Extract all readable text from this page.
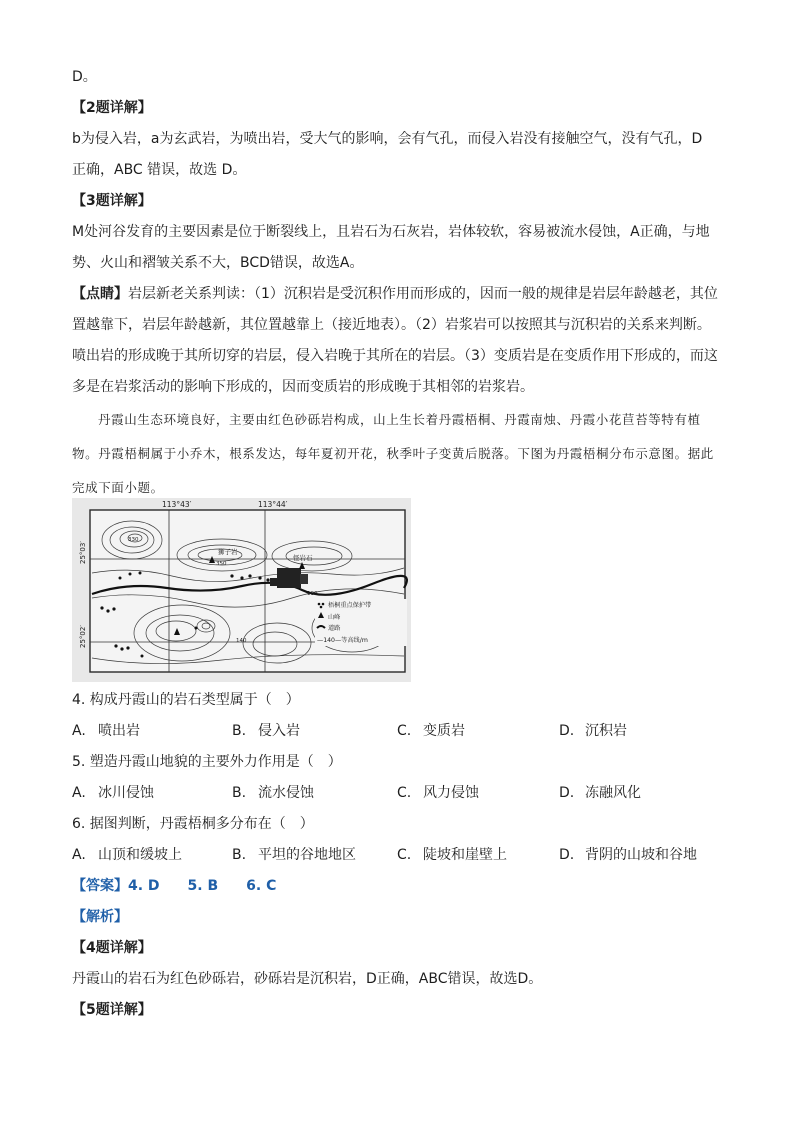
D。
【2题详解】
b为侵入岩，a为玄武岩，为喷出岩，受大气的影响，会有气孔，而侵入岩没有接触空气，没有气孔，D
正确，ABC 错误，故选 D。
【3题详解】
M处河谷发育的主要因素是位于断裂线上，且岩石为石灰岩，岩体较软，容易被流水侵蚀，A正确，与地
势、火山和褶皱关系不大，BCD错误，故选A。
【点睛】岩层新老关系判读：（1）沉积岩是受沉积作用而形成的，因而一般的规律是岩层年龄越老，其位置越靠下，岩层年龄越新，其位置越靠上（接近地表）。（2）岩浆岩可以按照其与沉积岩的关系来判断。喷出岩的形成晚于其所切穿的岩层，侵入岩晚于其所在的岩层。（3）变质岩是在变质作用下形成的，而这多是在岩浆活动的影响下形成的，因而变质岩的形成晚于其相邻的岩浆岩。
丹霞山生态环境良好，主要由红色砂砾岩构成，山上生长着丹霞梧桐、丹霞南烛、丹霞小花苣苔等特有植物。丹霞梧桐属于小乔木，根系发达，每年夏初开花，秋季叶子变黄后脱落。下图为丹霞梧桐分布示意图。据此完成下面小题。
113°43′	113°44′
25°03′
25°02′
狮子岩
怪岩石
330
350
100
140
梧桐重点保护带
山峰
道路
—140—等高线/m
4. 构成丹霞山的岩石类型属于（　）
A. 喷出岩	B. 侵入岩	C. 变质岩	D. 沉积岩
5. 塑造丹霞山地貌的主要外力作用是（　）
A. 冰川侵蚀	B. 流水侵蚀	C. 风力侵蚀	D. 冻融风化
6. 据图判断，丹霞梧桐多分布在（　）
A. 山顶和缓坡上	B. 平坦的谷地地区	C. 陡坡和崖壁上	D. 背阴的山坡和谷地
【答案】4. D　　5. B　　6. C
【解析】
【4题详解】
丹霞山的岩石为红色砂砾岩，砂砾岩是沉积岩，D正确，ABC错误，故选D。
【5题详解】
